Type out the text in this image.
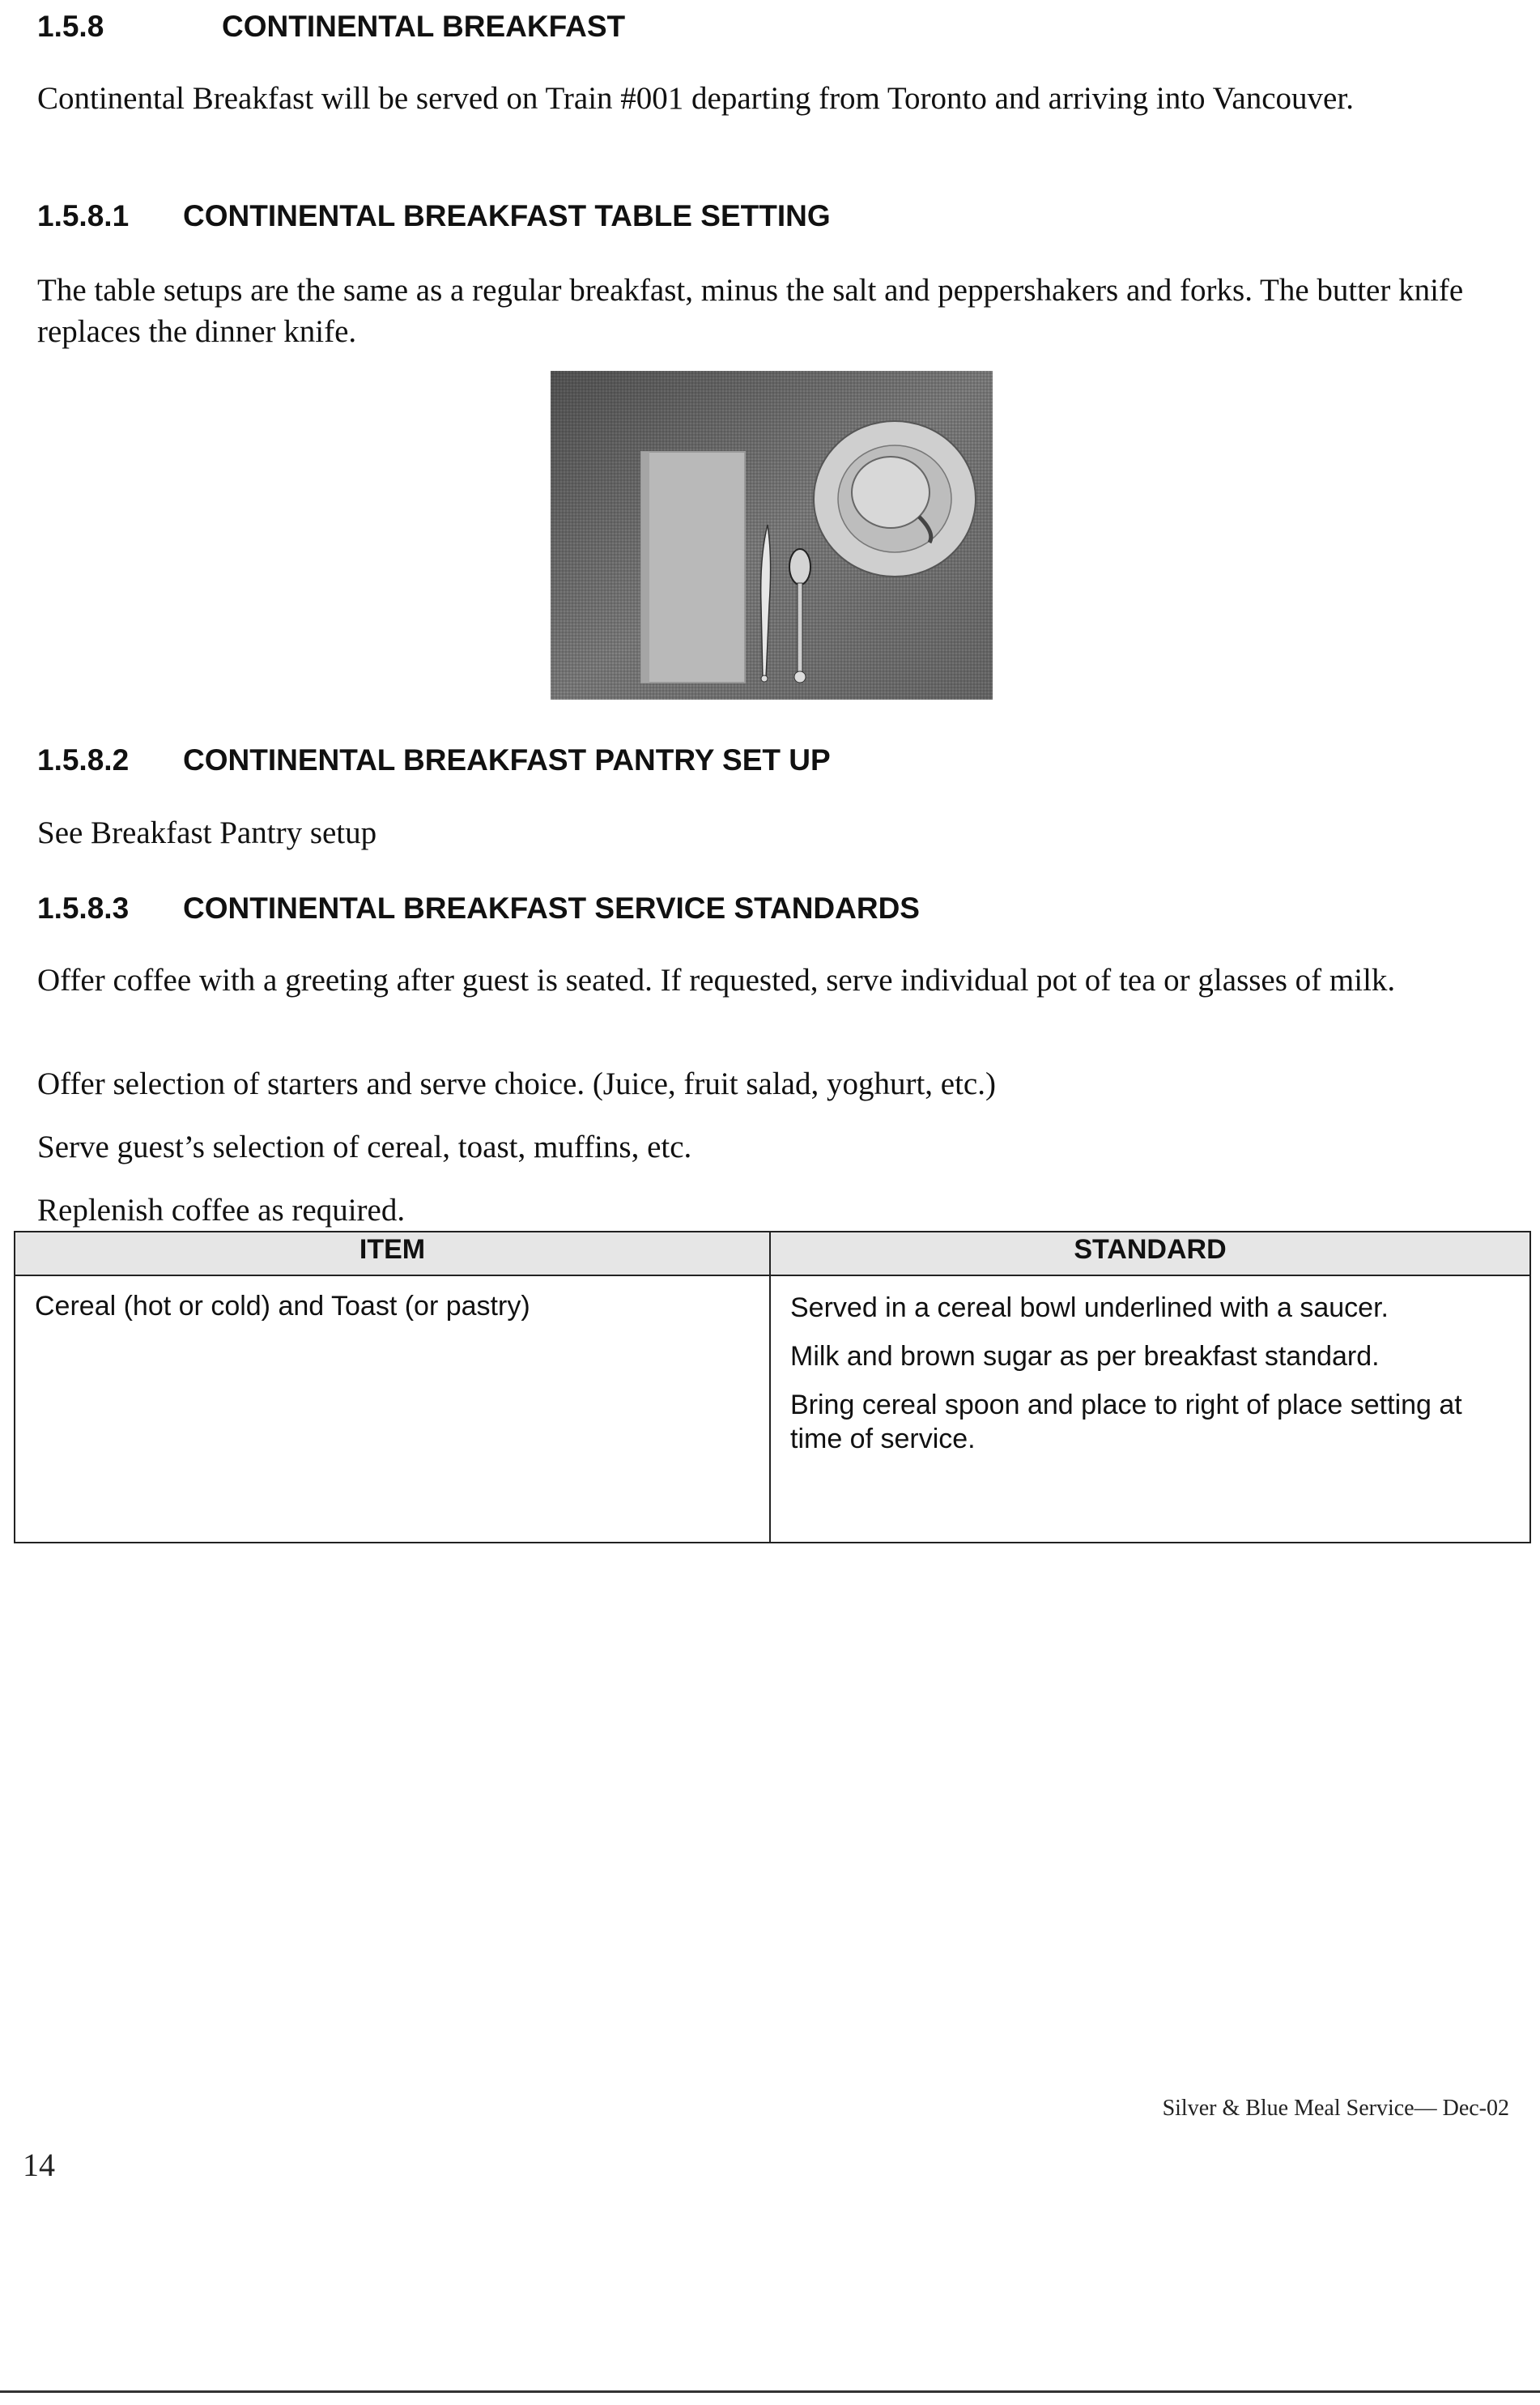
1.5.8	CONTINENTAL BREAKFAST
Continental Breakfast will be served on Train #001 departing from Toronto and arriving into Vancouver.
1.5.8.1 CONTINENTAL BREAKFAST TABLE SETTING
The table setups are the same as a regular breakfast, minus the salt and peppershakers and forks. The butter knife replaces the dinner knife.
1.5.8.2 CONTINENTAL BREAKFAST PANTRY SET UP
See Breakfast Pantry setup
1.5.8.3 CONTINENTAL BREAKFAST SERVICE STANDARDS
Offer coffee with a greeting after guest is seated. If requested, serve individual pot of tea or glasses of milk.
Offer selection of starters and serve choice. (Juice, fruit salad, yoghurt, etc.)
Serve guest’s selection of cereal, toast, muffins, etc.
Replenish coffee as required.
ITEM	STANDARD
Cereal (hot or cold) and Toast (or pastry)	Served in a cereal bowl underlined with a saucer.

Milk and brown sugar as per breakfast standard.

Bring cereal spoon and place to right of place setting at time of service.

Silver & Blue Meal Service— Dec-02
14
